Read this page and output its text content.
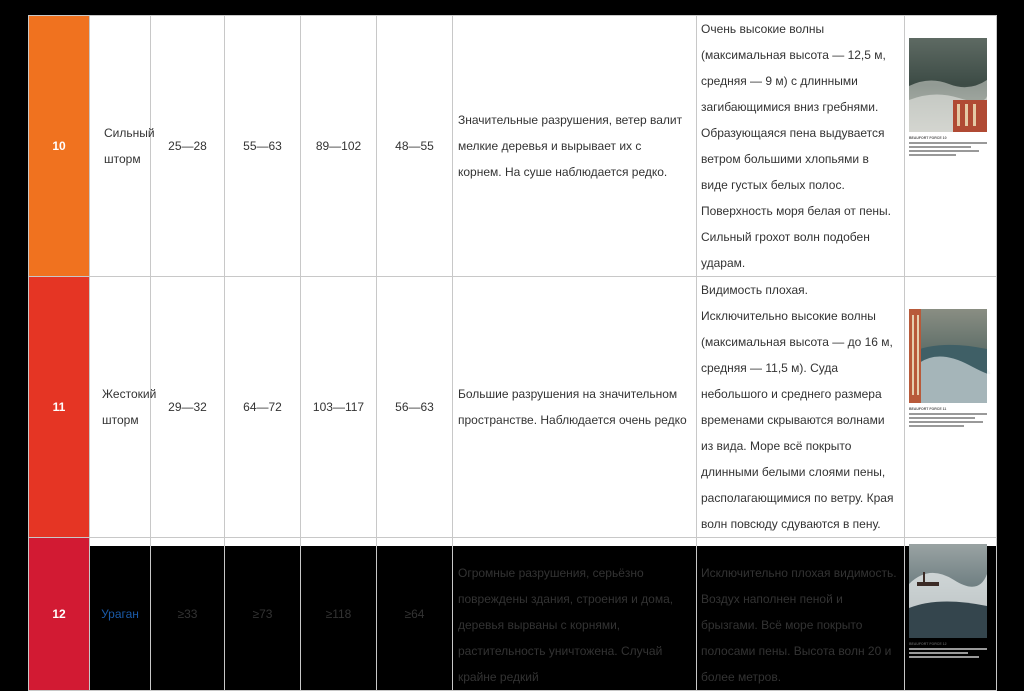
10	Сильный шторм	25—28	55—63	89—102	48—55	Значительные разрушения, ветер валит мелкие деревья и вырывает их с корнем. На суше наблюдается редко.	Очень высокие волны (максимальная высота — 12,5 м, средняя — 9 м) с длинными загибающимися вниз гребнями. Образующаяся пена выдувается ветром большими хлопьями в виде густых белых полос. Поверхность моря белая от пены. Сильный грохот волн подобен ударам.	BEAUFORT FORCE 10

11	Жестокий шторм	29—32	64—72	103—117	56—63	Большие разрушения на значительном пространстве. Наблюдается очень редко	Видимость плохая. Исключительно высокие волны (максимальная высота — до 16 м, средняя — 11,5 м). Суда небольшого и среднего размера временами скрываются волнами из вида. Море всё покрыто длинными белыми слоями пены, располагающимися по ветру. Края волн повсюду сдуваются в пену.	BEAUFORT FORCE 11

12	Ураган	≥33	≥73	≥118	≥64	Огромные разрушения, серьёзно повреждены здания, строения и дома, деревья вырваны с корнями, растительность уничтожена. Случай крайне редкий	Исключительно плохая видимость. Воздух наполнен пеной и брызгами. Всё море покрыто полосами пены. Высота волн 20 и более метров.	BEAUFORT FORCE 12
